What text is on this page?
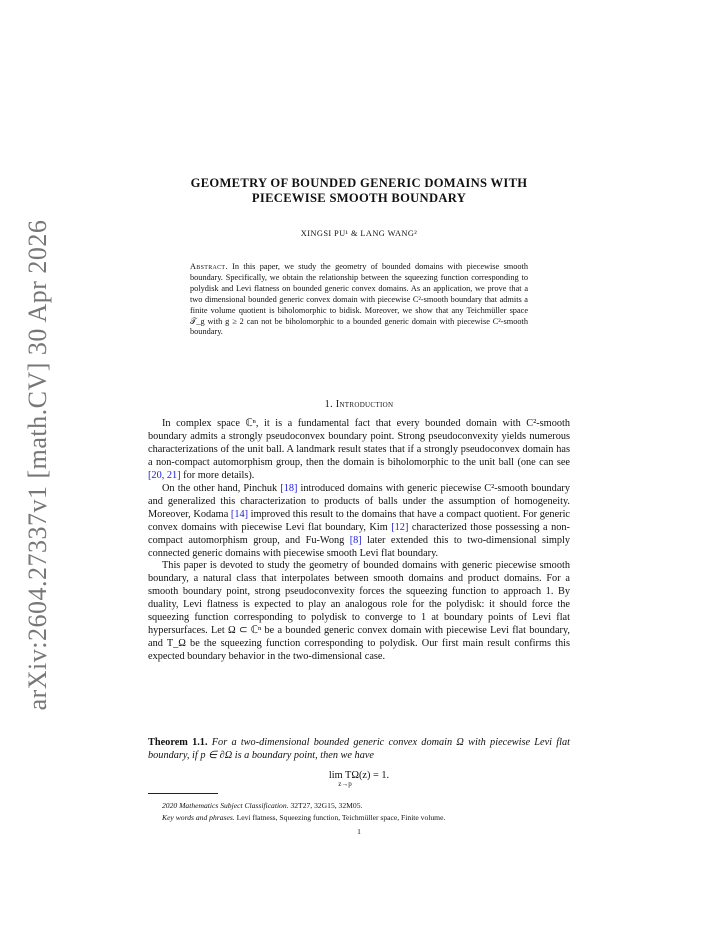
arXiv:2604.27337v1 [math.CV] 30 Apr 2026
GEOMETRY OF BOUNDED GENERIC DOMAINS WITH
PIECEWISE SMOOTH BOUNDARY
XINGSI PU¹ & LANG WANG²
Abstract. In this paper, we study the geometry of bounded domains with piecewise smooth boundary. Specifically, we obtain the relationship between the squeezing function corresponding to polydisk and Levi flatness on bounded generic convex domains. As an application, we prove that a two dimensional bounded generic convex domain with piecewise C²-smooth boundary that admits a finite volume quotient is biholomorphic to bidisk. Moreover, we show that any Teichmüller space 𝒯_g with g ≥ 2 can not be biholomorphic to a bounded generic domain with piecewise C²-smooth boundary.
1. Introduction

In complex space ℂⁿ, it is a fundamental fact that every bounded domain with C²-smooth boundary admits a strongly pseudoconvex boundary point. Strong pseudoconvexity yields numerous characterizations of the unit ball. A landmark result states that if a strongly pseudoconvex domain has a non-compact automorphism group, then the domain is biholomorphic to the unit ball (one can see [20, 21] for more details).

On the other hand, Pinchuk [18] introduced domains with generic piecewise C²-smooth boundary and generalized this characterization to products of balls under the assumption of homogeneity. Moreover, Kodama [14] improved this result to the domains that have a compact quotient. For generic convex domains with piecewise Levi flat boundary, Kim [12] characterized those possessing a non-compact automorphism group, and Fu-Wong [8] later extended this to two-dimensional simply connected generic domains with piecewise smooth Levi flat boundary.

This paper is devoted to study the geometry of bounded domains with generic piecewise smooth boundary, a natural class that interpolates between smooth domains and product domains. For a smooth boundary point, strong pseudoconvexity forces the squeezing function to approach 1. By duality, Levi flatness is expected to play an analogous role for the polydisk: it should force the squeezing function corresponding to polydisk to converge to 1 at boundary points of Levi flat hypersurfaces. Let Ω ⊂ ℂⁿ be a bounded generic convex domain with piecewise Levi flat boundary, and T_Ω be the squeezing function corresponding to polydisk. Our first main result confirms this expected boundary behavior in the two-dimensional case.

Theorem 1.1. For a two-dimensional bounded generic convex domain Ω with piecewise Levi flat boundary, if p ∈ ∂Ω is a boundary point, then we have
lim TΩ(z) = 1.
z→p
2020 Mathematics Subject Classification. 32T27, 32G15, 32M05.
Key words and phrases. Levi flatness, Squeezing function, Teichmüller space, Finite volume.
1
